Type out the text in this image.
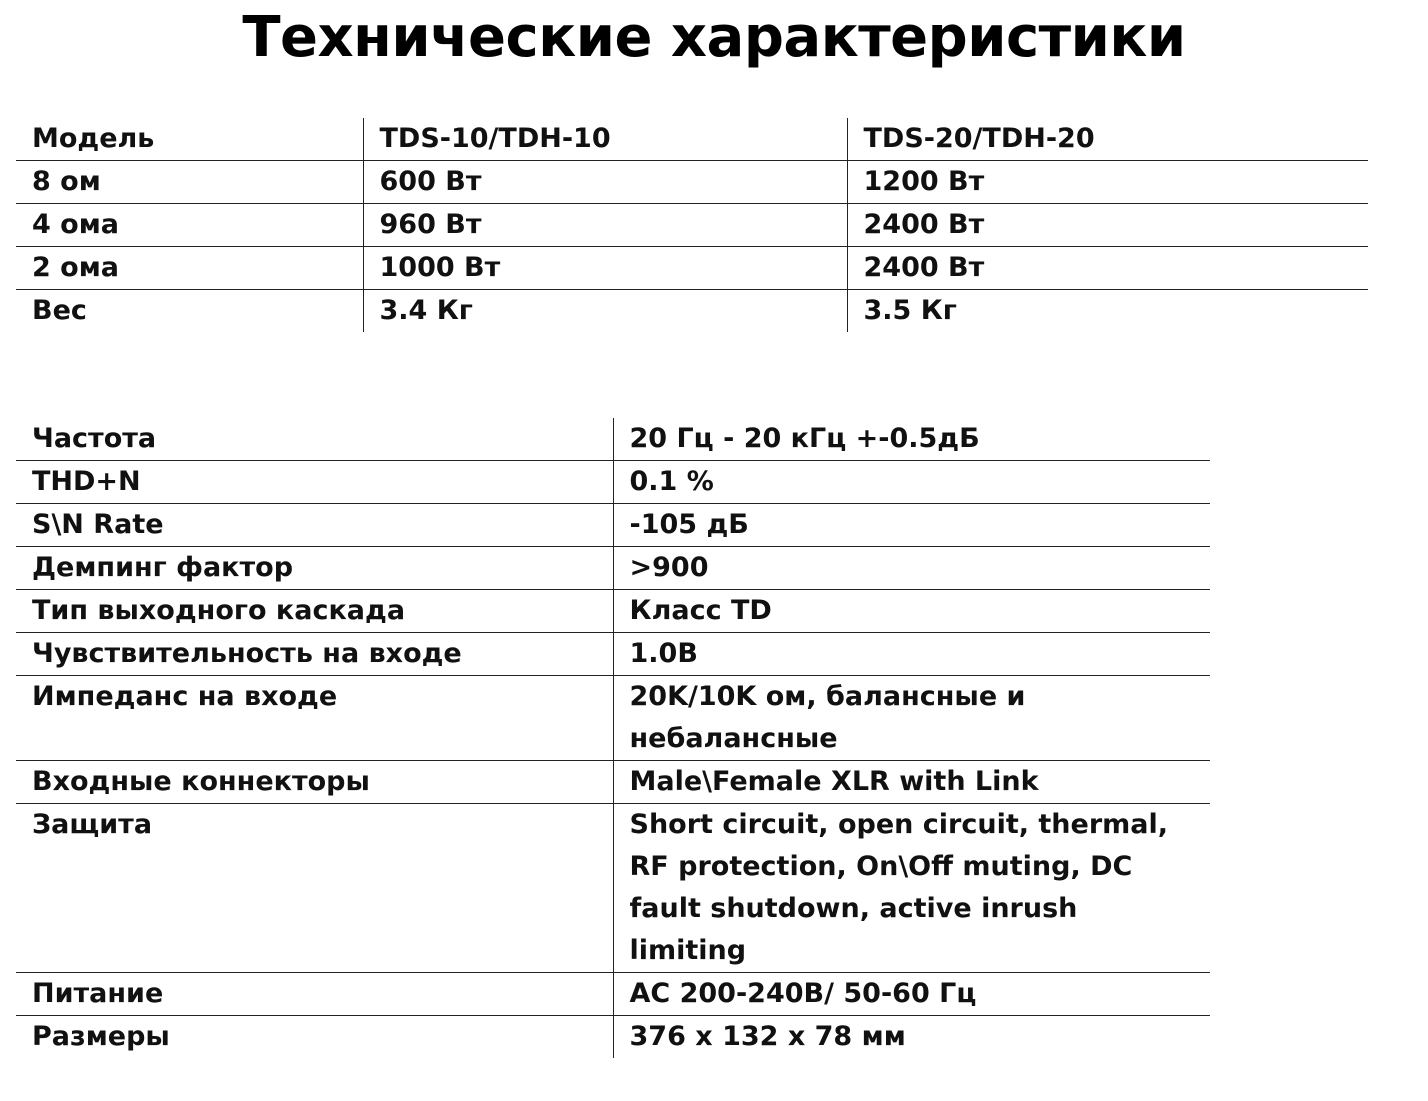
Технические характеристики
Модель	TDS-10/TDH-10	TDS-20/TDH-20
8 ом	600 Вт	1200 Вт
4 ома	960 Вт	2400 Вт
2 ома	1000 Вт	2400 Вт
Вес	3.4 Кг	3.5 Кг
Частота	20 Гц - 20 кГц +-0.5дБ
THD+N	0.1 %
S\N Rate	-105 дБ
Демпинг фактор	>900
Тип выходного каскада	Класс TD
Чувствительность на входе	1.0В
Импеданс на входе	20K/10K ом, балансные и небалансные
Входные коннекторы	Male\Female XLR with Link
Защита	Short circuit, open circuit, thermal, RF protection, On\Off muting, DC fault shutdown, active inrush limiting
Питание	AC 200-240В/ 50-60 Гц
Размеры	376 x 132 x 78 мм
